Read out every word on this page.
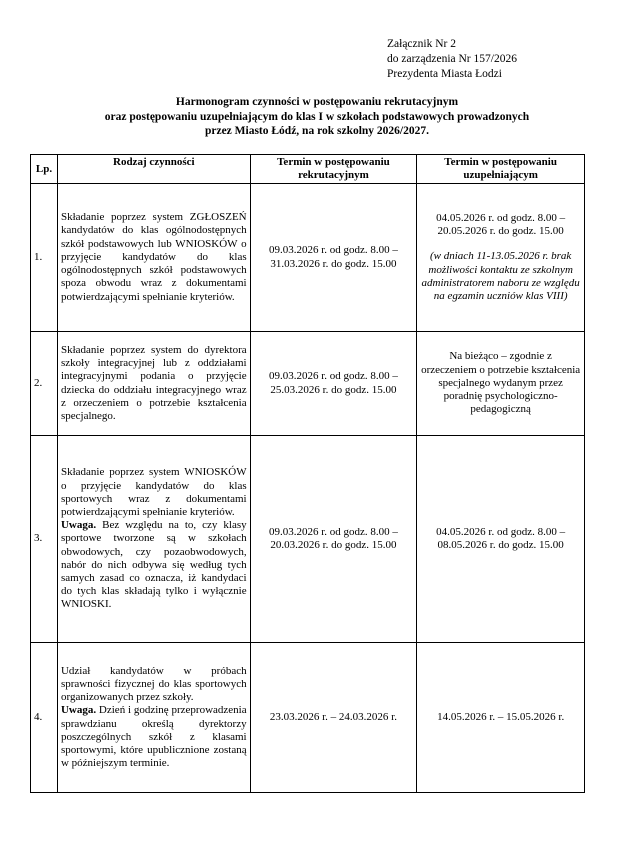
Załącznik Nr 2
do zarządzenia Nr 157/2026
Prezydenta Miasta Łodzi
Harmonogram czynności w postępowaniu rekrutacyjnym
oraz postępowaniu uzupełniającym do klas I w szkołach podstawowych prowadzonych
przez Miasto Łódź, na rok szkolny 2026/2027.
Lp.	Rodzaj czynności	Termin w postępowaniu rekrutacyjnym	Termin w postępowaniu uzupełniającym
1.	Składanie poprzez system ZGŁOSZEŃ kandydatów do klas ogólnodostępnych szkół podstawowych lub WNIOSKÓW o przyjęcie kandydatów do klas ogólnodostępnych szkół podstawowych spoza obwodu wraz z dokumentami potwierdzającymi spełnianie kryteriów.	09.03.2026 r. od godz. 8.00 – 31.03.2026 r. do godz. 15.00	04.05.2026 r. od godz. 8.00 – 20.05.2026 r. do godz. 15.00
(w dniach 11-13.05.2026 r. brak możliwości kontaktu ze szkolnym administratorem naboru ze względu na egzamin uczniów klas VIII)

2.	Składanie poprzez system do dyrektora szkoły integracyjnej lub z oddziałami integracyjnymi podania o przyjęcie dziecka do oddziału integracyjnego wraz z orzeczeniem o potrzebie kształcenia specjalnego.	09.03.2026 r. od godz. 8.00 – 25.03.2026 r. do godz. 15.00	Na bieżąco – zgodnie z orzeczeniem o potrzebie kształcenia specjalnego wydanym przez poradnię psychologiczno-pedagogiczną
3.	Składanie poprzez system WNIOSKÓW o przyjęcie kandydatów do klas sportowych wraz z dokumentami potwierdzającymi spełnianie kryteriów.

Uwaga. Bez względu na to, czy klasy sportowe tworzone są w szkołach obwodowych, czy pozaobwodowych, nabór do nich odbywa się według tych samych zasad co oznacza, iż kandydaci do tych klas składają tylko i wyłącznie WNIOSKI.	09.03.2026 r. od godz. 8.00 – 20.03.2026 r. do godz. 15.00	04.05.2026 r. od godz. 8.00 – 08.05.2026 r. do godz. 15.00
4.	Udział kandydatów w próbach sprawności fizycznej do klas sportowych organizowanych przez szkoły.

Uwaga. Dzień i godzinę przeprowadzenia sprawdzianu określą dyrektorzy poszczególnych szkół z klasami sportowymi, które upublicznione zostaną w późniejszym terminie.	23.03.2026 r. – 24.03.2026 r.	14.05.2026 r. – 15.05.2026 r.
